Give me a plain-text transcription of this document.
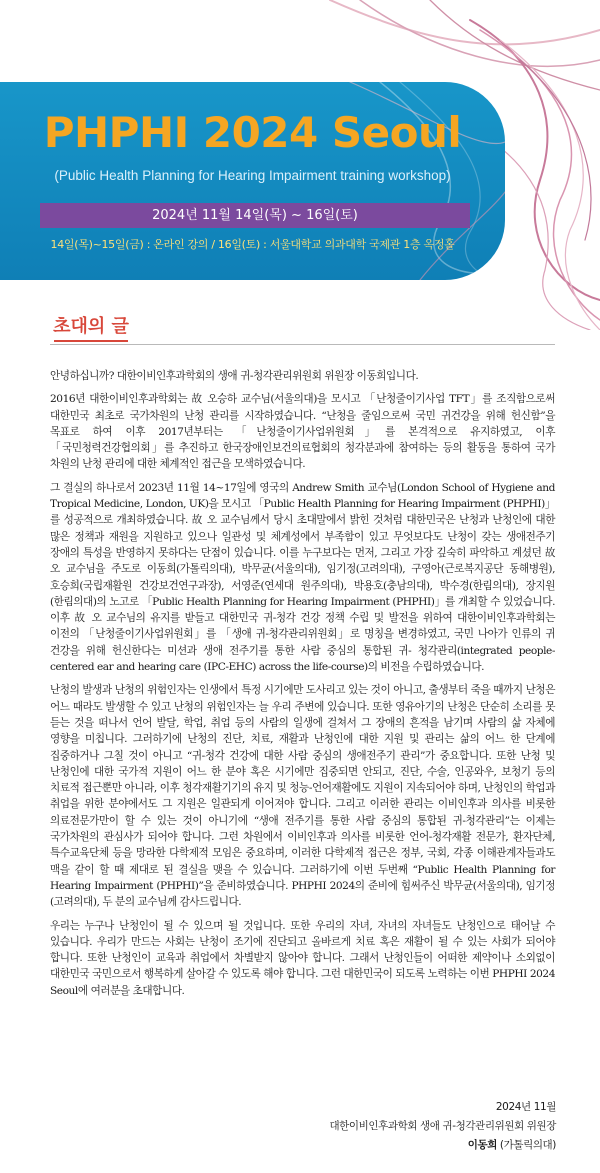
PHPHI 2024 Seoul
(Public Health Planning for Hearing Impairment training workshop)
2024년 11월 14일(목) ~ 16일(토)
14일(목)~15일(금) : 온라인 강의 / 16일(토) : 서울대학교 의과대학 국제관 1층 옥정홀
초대의 글

안녕하십니까? 대한이비인후과학회의 생애 귀-청각관리위원회 위원장 이동희입니다.

2016년 대한이비인후과학회는 故 오승하 교수님(서울의대)을 모시고 「난청줄이기사업 TFT」를 조직함으로써 대한민국 최초로 국가차원의 난청 관리를 시작하였습니다. “난청을 줄임으로써 국민 귀건강을 위해 헌신함”을 목표로 하여 이후 2017년부터는 「난청줄이기사업위원회」를 본격적으로 유지하였고, 이후 「국민청력건강협의회」를 추진하고 한국장애인보건의료협회의 청각분과에 참여하는 등의 활동을 통하여 국가 차원의 난청 관리에 대한 체계적인 접근을 모색하였습니다.

그 결실의 하나로서 2023년 11월 14~17일에 영국의 Andrew Smith 교수님(London School of Hygiene and Tropical Medicine, London, UK)을 모시고 「Public Health Planning for Hearing Impairment (PHPHI)」를 성공적으로 개최하였습니다. 故 오 교수님께서 당시 초대말에서 밝힌 것처럼 대한민국은 난청과 난청인에 대한 많은 정책과 재원을 지원하고 있으나 일관성 및 체계성에서 부족함이 있고 무엇보다도 난청이 갖는 생애전주기 장애의 특성을 반영하지 못하다는 단점이 있습니다. 이를 누구보다는 먼저, 그리고 가장 깊숙히 파악하고 계셨던 故 오 교수님을 주도로 이동희(가톨릭의대), 박무균(서울의대), 임기정(고려의대), 구영아(근로복지공단 동해병원), 호승희(국립재활원 건강보건연구과장), 서영준(연세대 원주의대), 박용호(충남의대), 박수경(한림의대), 장지원(한림의대)의 노고로 「Public Health Planning for Hearing Impairment (PHPHI)」를 개최할 수 있었습니다. 이후 故 오 교수님의 유지를 받들고 대한민국 귀-청각 건강 정책 수립 및 발전을 위하여 대한이비인후과학회는 이전의 「난청줄이기사업위원회」를 「생애 귀-청각관리위원회」로 명칭을 변경하였고, 국민 나아가 인류의 귀 건강을 위해 헌신한다는 미션과 생애 전주기를 통한 사람 중심의 통합된 귀- 청각관리(integrated people-centered ear and hearing care (IPC-EHC) across the life-course)의 비전을 수립하였습니다.

난청의 발생과 난청의 위험인자는 인생에서 특정 시기에만 도사리고 있는 것이 아니고, 출생부터 죽을 때까지 난청은 어느 때라도 발생할 수 있고 난청의 위험인자는 늘 우리 주변에 있습니다. 또한 영유아기의 난청은 단순히 소리를 못 듣는 것을 떠나서 언어 발달, 학업, 취업 등의 사람의 일생에 걸쳐서 그 장애의 흔적을 남기며 사람의 삶 자체에 영향을 미칩니다. 그러하기에 난청의 진단, 치료, 재활과 난청인에 대한 지원 및 관리는 삶의 어느 한 단계에 집중하거나 그칠 것이 아니고 “귀-청각 건강에 대한 사람 중심의 생애전주기 관리”가 중요합니다. 또한 난청 및 난청인에 대한 국가적 지원이 어느 한 분야 혹은 시기에만 집중되면 안되고, 진단, 수술, 인공와우, 보청기 등의 치료적 접근뿐만 아니라, 이후 청각재활기기의 유지 및 청능-언어재활에도 지원이 지속되어야 하며, 난청인의 학업과 취업을 위한 분야에서도 그 지원은 일관되게 이어져야 합니다. 그리고 이러한 관리는 이비인후과 의사를 비롯한 의료전문가만이 할 수 있는 것이 아니기에 “생애 전주기를 통한 사람 중심의 통합된 귀-청각관리”는 이제는 국가차원의 관심사가 되어야 합니다. 그런 차원에서 이비인후과 의사를 비롯한 언어-청각재활 전문가, 환자단체, 특수교육단체 등을 망라한 다학제적 모임은 중요하며, 이러한 다학제적 접근은 정부, 국회, 각종 이해관계자들과도 맥을 같이 할 때 제대로 된 결실을 맺을 수 있습니다. 그러하기에 이번 두번째 “Public Health Planning for Hearing Impairment (PHPHI)”을 준비하였습니다. PHPHI 2024의 준비에 힘써주신 박무균(서울의대), 임기정(고려의대), 두 분의 교수님께 감사드립니다.

우리는 누구나 난청인이 될 수 있으며 될 것입니다. 또한 우리의 자녀, 자녀의 자녀들도 난청인으로 태어날 수 있습니다. 우리가 만드는 사회는 난청이 조기에 진단되고 올바르게 치료 혹은 재활이 될 수 있는 사회가 되어야 합니다. 또한 난청인이 교육과 취업에서 차별받지 않아야 합니다. 그래서 난청인들이 어떠한 제약이나 소외없이 대한민국 국민으로서 행복하게 살아갈 수 있도록 해야 합니다. 그런 대한민국이 되도록 노력하는 이번 PHPHI 2024 Seoul에 여러분을 초대합니다.

2024년 11월
대한이비인후과학회 생애 귀-청각관리위원회 위원장
이동희 (가톨릭의대)
